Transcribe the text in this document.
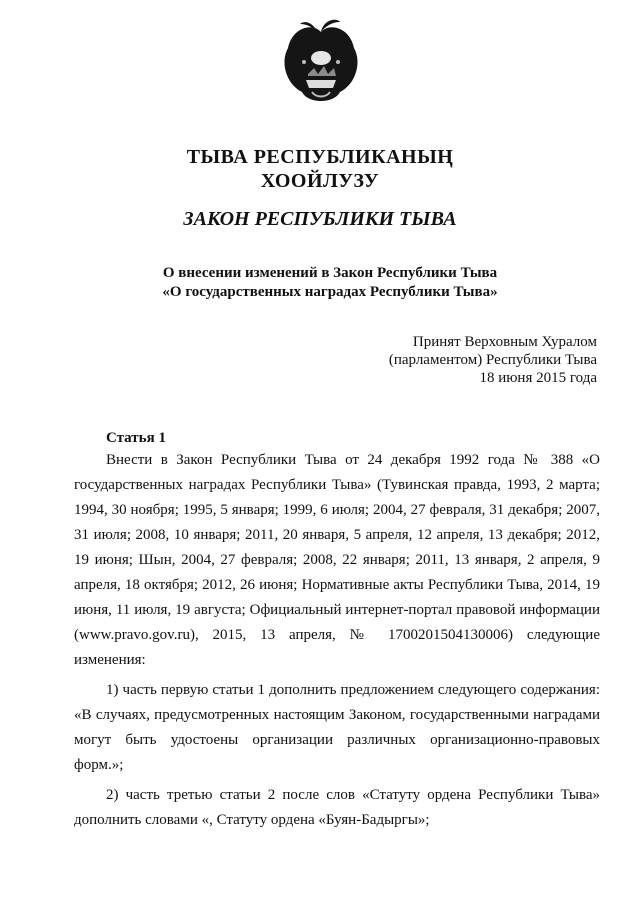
ТЫВА РЕСПУБЛИКАНЫҢ
ХООЙЛУЗУ
ЗАКОН РЕСПУБЛИКИ ТЫВА
О внесении изменений в Закон Республики Тыва
«О государственных наградах Республики Тыва»
Принят Верховным Хуралом
(парламентом) Республики Тыва
18 июня 2015 года
Статья 1

Внести в Закон Республики Тыва от 24 декабря 1992 года № 388 «О государственных наградах Республики Тыва» (Тувинская правда, 1993, 2 марта; 1994, 30 ноября; 1995, 5 января; 1999, 6 июля; 2004, 27 февраля, 31 декабря; 2007, 31 июля; 2008, 10 января; 2011, 20 января, 5 апреля, 12 апреля, 13 декабря; 2012, 19 июня; Шын, 2004, 27 февраля; 2008, 22 января; 2011, 13 января, 2 апреля, 9 апреля, 18 октября; 2012, 26 июня; Нормативные акты Республики Тыва, 2014, 19 июня, 11 июля, 19 августа; Официальный интернет-портал правовой информации (www.pravo.gov.ru), 2015, 13 апреля, № 1700201504130006) следующие изменения:

1) часть первую статьи 1 дополнить предложением следующего содержания: «В случаях, предусмотренных настоящим Законом, государственными наградами могут быть удостоены организации различных организационно-правовых форм.»;

2) часть третью статьи 2 после слов «Статуту ордена Республики Тыва» дополнить словами «, Статуту ордена «Буян-Бадыргы»;
